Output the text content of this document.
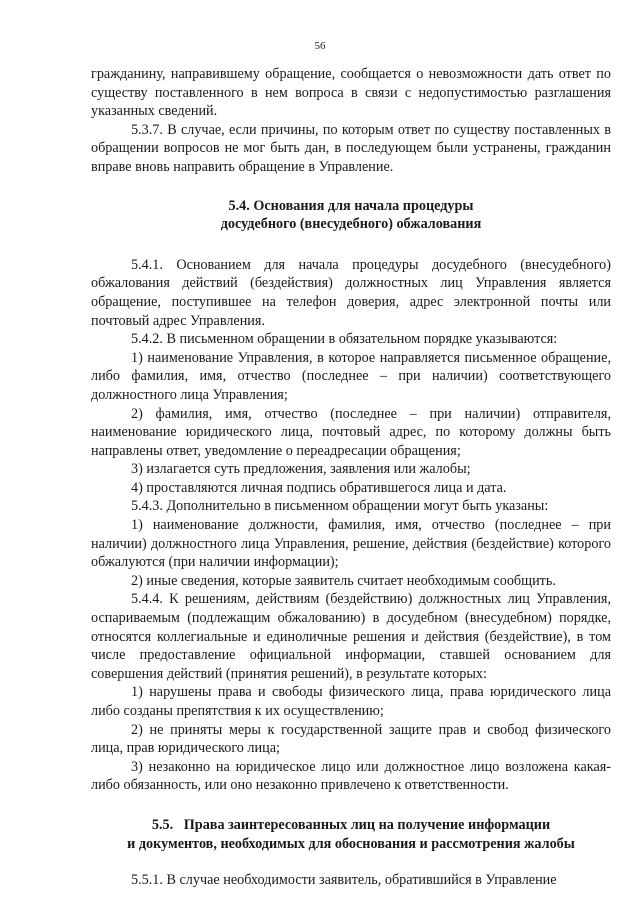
56

гражданину, направившему обращение, сообщается о невозможности дать ответ по существу поставленного в нем вопроса в связи с недопустимостью разглашения указанных сведений.

5.3.7. В случае, если причины, по которым ответ по существу поставленных в обращении вопросов не мог быть дан, в последующем были устранены, гражданин вправе вновь направить обращение в Управление.

5.4. Основания для начала процедуры
досудебного (внесудебного) обжалования

5.4.1. Основанием для начала процедуры досудебного (внесудебного) обжалования действий (бездействия) должностных лиц Управления является обращение, поступившее на телефон доверия, адрес электронной почты или почтовый адрес Управления.

5.4.2. В письменном обращении в обязательном порядке указываются:

1) наименование Управления, в которое направляется письменное обращение, либо фамилия, имя, отчество (последнее – при наличии) соответствующего должностного лица Управления;

2) фамилия, имя, отчество (последнее – при наличии) отправителя, наименование юридического лица, почтовый адрес, по которому должны быть направлены ответ, уведомление о переадресации обращения;

3) излагается суть предложения, заявления или жалобы;

4) проставляются личная подпись обратившегося лица и дата.

5.4.3. Дополнительно в письменном обращении могут быть указаны:

1) наименование должности, фамилия, имя, отчество (последнее – при наличии) должностного лица Управления, решение, действия (бездействие) которого обжалуются (при наличии информации);

2) иные сведения, которые заявитель считает необходимым сообщить.

5.4.4. К решениям, действиям (бездействию) должностных лиц Управления, оспариваемым (подлежащим обжалованию) в досудебном (внесудебном) порядке, относятся коллегиальные и единоличные решения и действия (бездействие), в том числе предоставление официальной информации, ставшей основанием для совершения действий (принятия решений), в результате которых:

1) нарушены права и свободы физического лица, права юридического лица либо созданы препятствия к их осуществлению;

2) не приняты меры к государственной защите прав и свобод физического лица, прав юридического лица;

3) незаконно на юридическое лицо или должностное лицо возложена какая-либо обязанность, или оно незаконно привлечено к ответственности.

5.5.   Права заинтересованных лиц на получение информации
и документов, необходимых для обоснования и рассмотрения жалобы

5.5.1. В случае необходимости заявитель, обратившийся в Управление
